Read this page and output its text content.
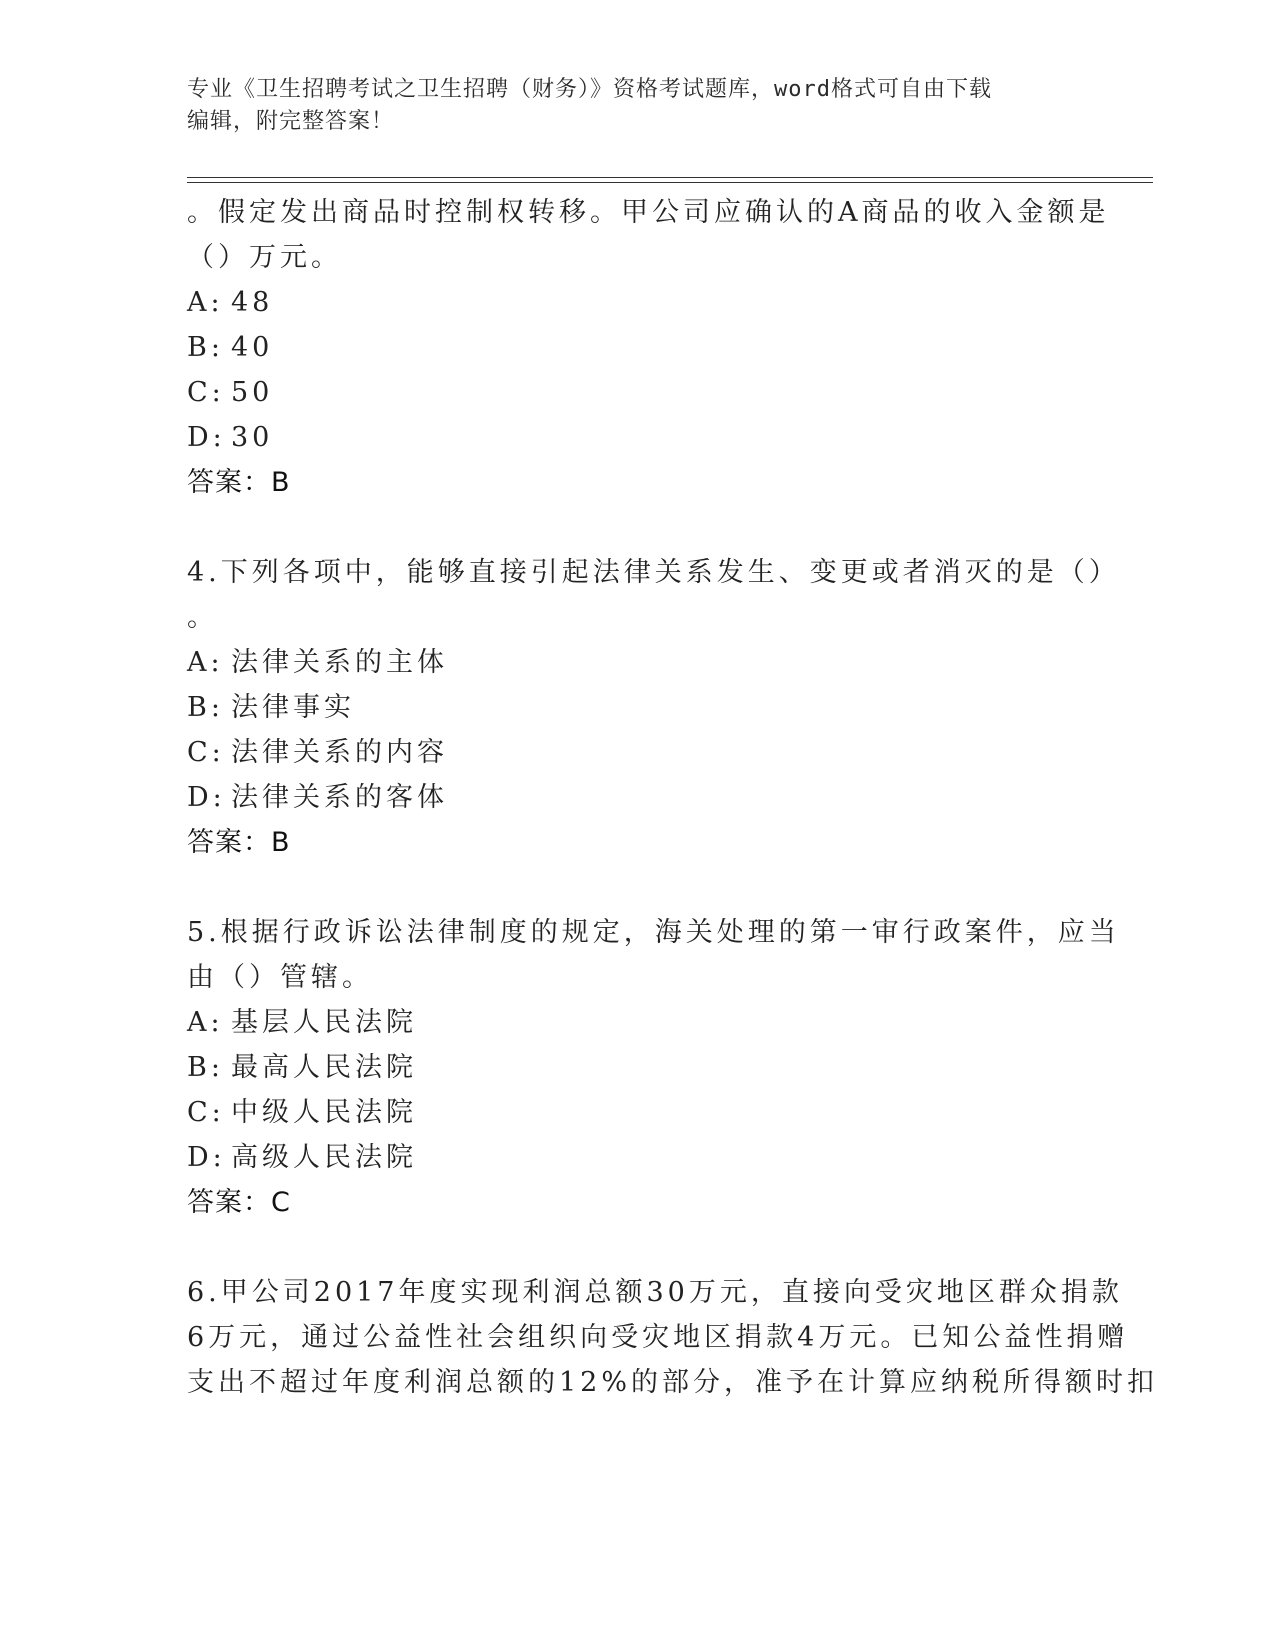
专业《卫生招聘考试之卫生招聘（财务）》资格考试题库，word格式可自由下载
编辑，附完整答案！
。假定发出商品时控制权转移。甲公司应确认的A商品的收入金额是
（）万元。
A: 48
B: 40
C: 50
D: 30
答案：B
4.下列各项中，能够直接引起法律关系发生、变更或者消灭的是（）
。
A: 法律关系的主体
B: 法律事实
C: 法律关系的内容
D: 法律关系的客体
答案：B
5.根据行政诉讼法律制度的规定，海关处理的第一审行政案件，应当
由（）管辖。
A: 基层人民法院
B: 最高人民法院
C: 中级人民法院
D: 高级人民法院
答案：C
6.甲公司2017年度实现利润总额30万元，直接向受灾地区群众捐款
6万元，通过公益性社会组织向受灾地区捐款4万元。已知公益性捐赠
支出不超过年度利润总额的12%的部分，准予在计算应纳税所得额时扣
